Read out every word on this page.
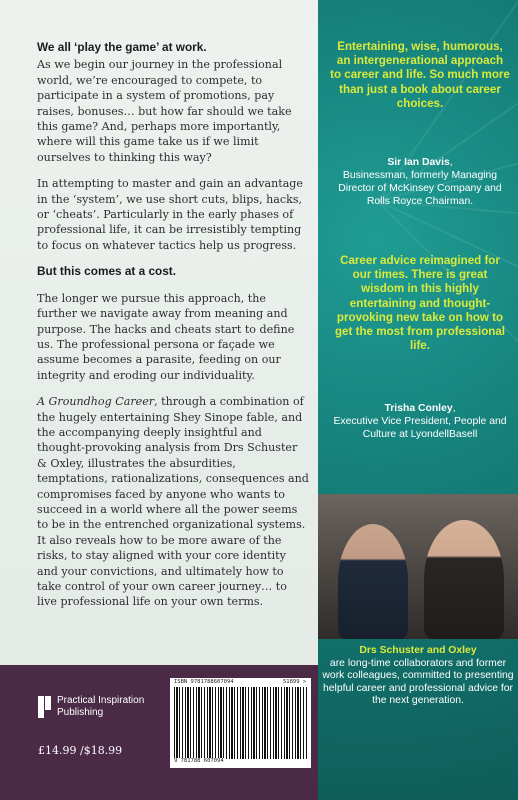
We all ‘play the game’ at work.

As we begin our journey in the professional world, we’re encouraged to compete, to participate in a system of promotions, pay raises, bonuses… but how far should we take this game? And, perhaps more importantly, where will this game take us if we limit ourselves to thinking this way?

In attempting to master and gain an advantage in the ‘system’, we use short cuts, blips, hacks, or ‘cheats’. Particularly in the early phases of professional life, it can be irresistibly tempting to focus on whatever tactics help us progress.

But this comes at a cost.

The longer we pursue this approach, the further we navigate away from meaning and purpose. The hacks and cheats start to define us. The professional persona or façade we assume becomes a parasite, feeding on our integrity and eroding our individuality.

A Groundhog Career, through a combination of the hugely entertaining Shey Sinope fable, and the accompanying deeply insightful and thought-provoking analysis from Drs Schuster & Oxley, illustrates the absurdities, temptations, rationalizations, consequences and compromises faced by anyone who wants to succeed in a world where all the power seems to be in the entrenched organizational systems. It also reveals how to be more aware of the risks, to stay aligned with your core identity and your convictions, and ultimately how to take control of your own career journey… to live professional life on your own terms.

Practical Inspiration
Publishing
£14.99 /$18.99
ISBN 9781788607094	51899 >
9 781788 607094
Entertaining, wise, humorous, an intergenerational approach to career and life. So much more than just a book about career choices.
Sir Ian Davis,
Businessman, formerly Managing Director of McKinsey Company and Rolls Royce Chairman.
Career advice reimagined for our times. There is great wisdom in this highly entertaining and thought-provoking new take on how to get the most from professional life.
Trisha Conley,
Executive Vice President, People and Culture at LyondellBasell
Drs Schuster and Oxley
are long-time collaborators and former work colleagues, committed to presenting helpful career and professional advice for the next generation.
